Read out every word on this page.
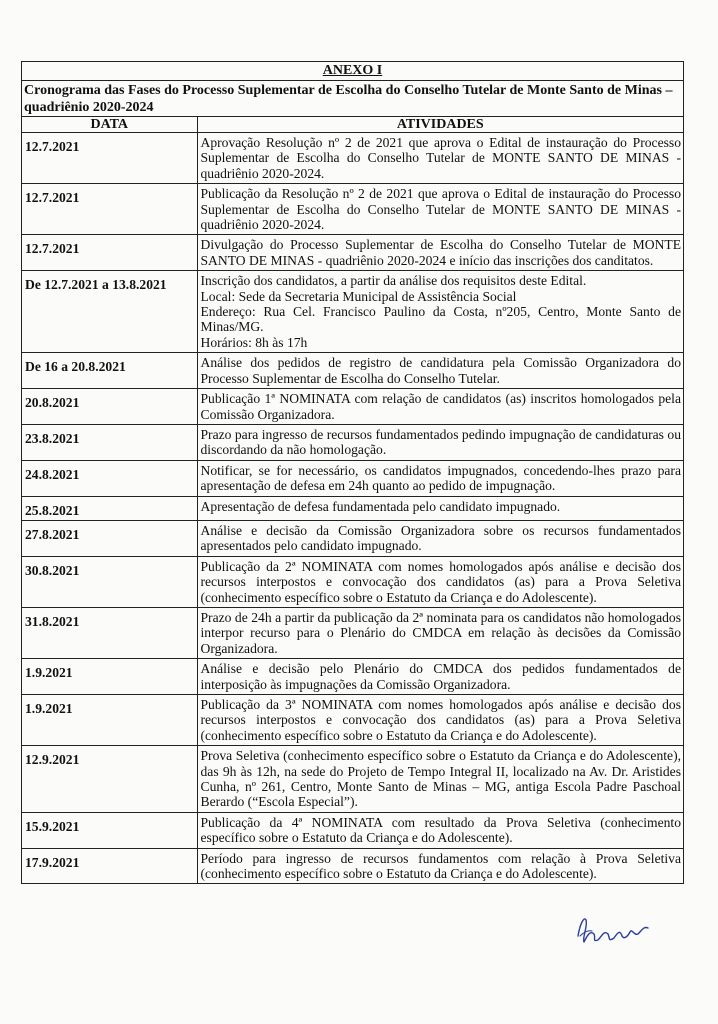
ANEXO I
Cronograma das Fases do Processo Suplementar de Escolha do Conselho Tutelar de Monte Santo de Minas – quadriênio 2020-2024
DATA	ATIVIDADES
12.7.2021	Aprovação Resolução nº 2 de 2021 que aprova o Edital de instauração do Processo Suplementar de Escolha do Conselho Tutelar de MONTE SANTO DE MINAS - quadriênio 2020-2024.

12.7.2021	Publicação da Resolução nº 2 de 2021 que aprova o Edital de instauração do Processo Suplementar de Escolha do Conselho Tutelar de MONTE SANTO DE MINAS - quadriênio 2020-2024.

12.7.2021	Divulgação do Processo Suplementar de Escolha do Conselho Tutelar de MONTE SANTO DE MINAS - quadriênio 2020-2024 e início das inscrições dos canditatos.

De 12.7.2021 a 13.8.2021	Inscrição dos candidatos, a partir da análise dos requisitos deste Edital.
Local: Sede da Secretaria Municipal de Assistência Social
Endereço: Rua Cel. Francisco Paulino da Costa, nº205, Centro, Monte Santo de Minas/MG.
Horários: 8h às 17h

De 16 a 20.8.2021	Análise dos pedidos de registro de candidatura pela Comissão Organizadora do Processo Suplementar de Escolha do Conselho Tutelar.

20.8.2021	Publicação 1ª NOMINATA com relação de candidatos (as) inscritos homologados pela Comissão Organizadora.

23.8.2021	Prazo para ingresso de recursos fundamentados pedindo impugnação de candidaturas ou discordando da não homologação.

24.8.2021	Notificar, se for necessário, os candidatos impugnados, concedendo-lhes prazo para apresentação de defesa em 24h quanto ao pedido de impugnação.

25.8.2021	Apresentação de defesa fundamentada pelo candidato impugnado.

27.8.2021	Análise e decisão da Comissão Organizadora sobre os recursos fundamentados apresentados pelo candidato impugnado.

30.8.2021	Publicação da 2ª NOMINATA com nomes homologados após análise e decisão dos recursos interpostos e convocação dos candidatos (as) para a Prova Seletiva (conhecimento específico sobre o Estatuto da Criança e do Adolescente).

31.8.2021	Prazo de 24h a partir da publicação da 2ª nominata para os candidatos não homologados interpor recurso para o Plenário do CMDCA em relação às decisões da Comissão Organizadora.

1.9.2021	Análise e decisão pelo Plenário do CMDCA dos pedidos fundamentados de interposição às impugnações da Comissão Organizadora.

1.9.2021	Publicação da 3ª NOMINATA com nomes homologados após análise e decisão dos recursos interpostos e convocação dos candidatos (as) para a Prova Seletiva (conhecimento específico sobre o Estatuto da Criança e do Adolescente).

12.9.2021	Prova Seletiva (conhecimento específico sobre o Estatuto da Criança e do Adolescente), das 9h às 12h, na sede do Projeto de Tempo Integral II, localizado na Av. Dr. Aristides Cunha, nº 261, Centro, Monte Santo de Minas – MG, antiga Escola Padre Paschoal Berardo (“Escola Especial”).

15.9.2021	Publicação da 4ª NOMINATA com resultado da Prova Seletiva (conhecimento específico sobre o Estatuto da Criança e do Adolescente).

17.9.2021	Período para ingresso de recursos fundamentos com relação à Prova Seletiva (conhecimento específico sobre o Estatuto da Criança e do Adolescente).
